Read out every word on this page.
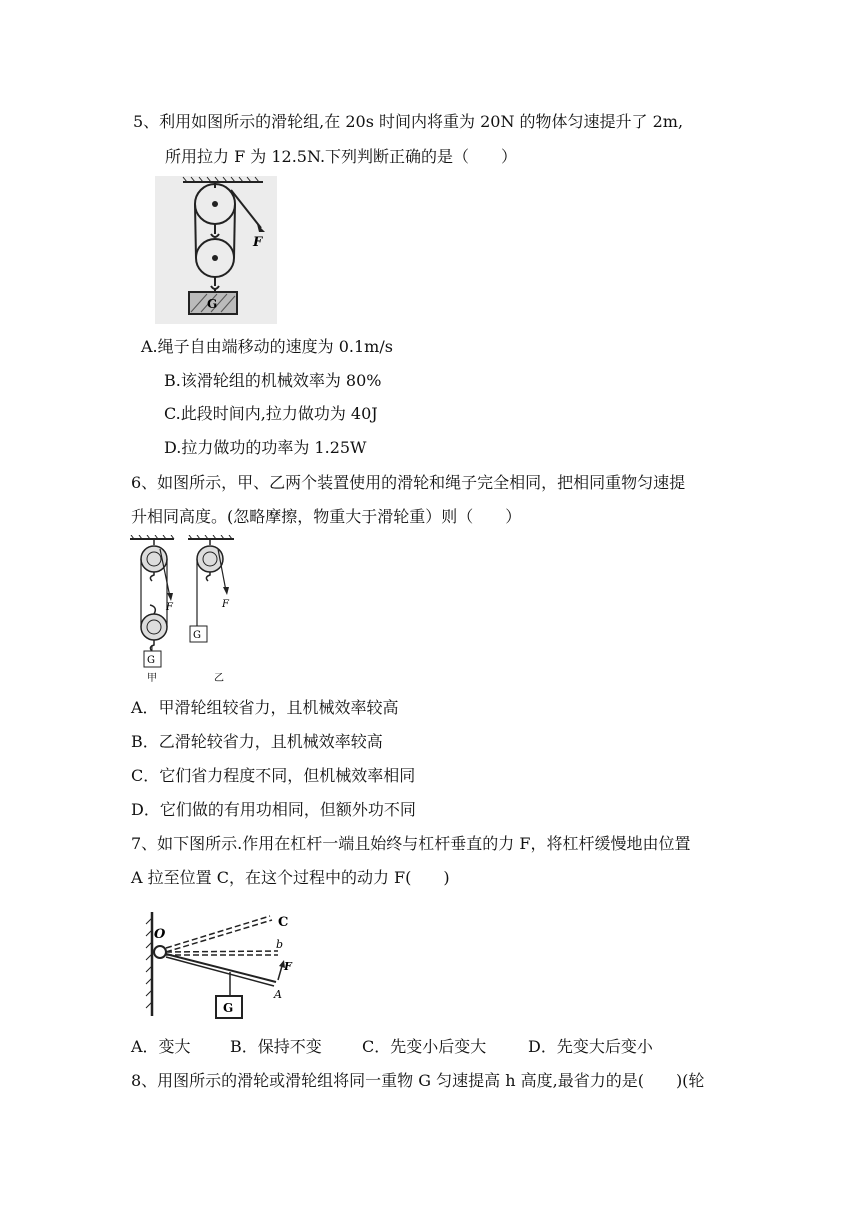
5、利用如图所示的滑轮组,在 20s 时间内将重为 20N 的物体匀速提升了 2m,
所用拉力 F 为 12.5N.下列判断正确的是（　　）
F
G
A.绳子自由端移动的速度为 0.1m/s
B.该滑轮组的机械效率为 80%
C.此段时间内,拉力做功为 40J
D.拉力做功的功率为 1.25W
6、如图所示，甲、乙两个装置使用的滑轮和绳子完全相同，把相同重物匀速提
升相同高度。(忽略摩擦，物重大于滑轮重）则（　　）
F
G
甲
F
G
乙
A．甲滑轮组较省力，且机械效率较高
B．乙滑轮较省力，且机械效率较高
C．它们省力程度不同，但机械效率相同
D．它们做的有用功相同，但额外功不同
7、如下图所示.作用在杠杆一端且始终与杠杆垂直的力 F，将杠杆缓慢地由位置
A 拉至位置 C，在这个过程中的动力 F(　　)
O
C
b
F
A
G
A．变大 B．保持不变	C．先变小后变大	D．先变大后变小
8、用图所示的滑轮或滑轮组将同一重物 G 匀速提高 h 高度,最省力的是(　　)(轮
